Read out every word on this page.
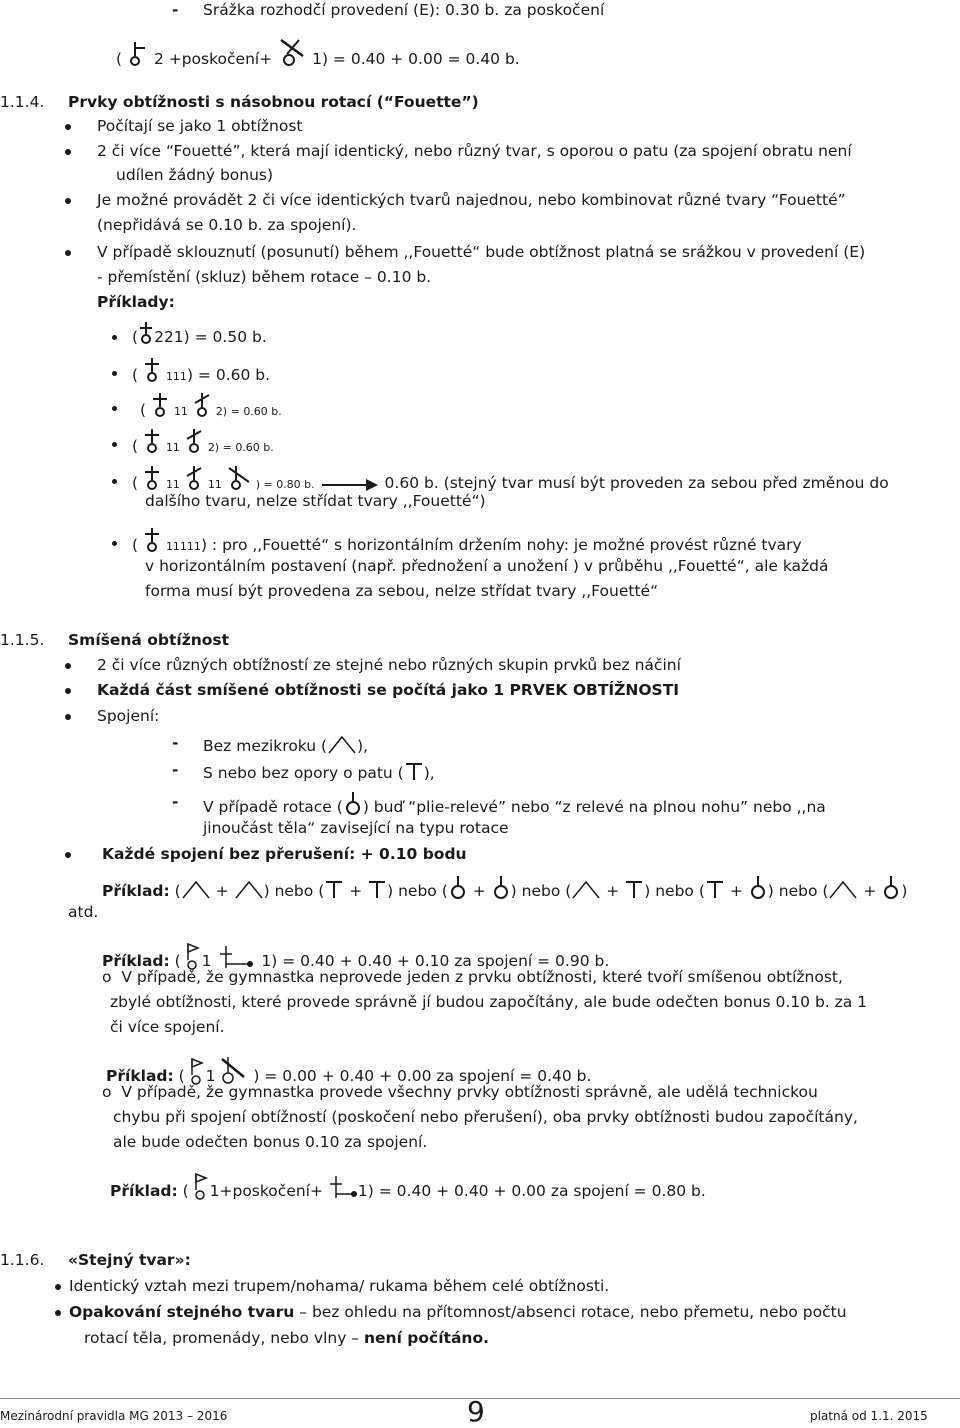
- Srážka rozhodčí provedení (E): 0.30 b. za poskočení
( 2 +poskočení+	1) = 0.40 + 0.00 = 0.40 b.
1.1.4. Prvky obtížnosti s násobnou rotací (“Fouette”)
Počítají se jako 1 obtížnost
2 či více “Fouetté”, která mají identický, nebo různý tvar, s oporou o patu (za spojení obratu není
udílen žádný bonus)
Je možné provádět 2 či více identických tvarů najednou, nebo kombinovat různé tvary “Fouetté”
(nepřidává se 0.10 b. za spojení).
V případě sklouznutí (posunutí) během ,,Fouetté“ bude obtížnost platná se srážkou v provedení (E)
- přemístění (skluz) během rotace – 0.10 b.
Příklady:
( 221) = 0.50 b.
(	111) = 0.60 b.
(	11	2) = 0.60 b.
(	11	2) = 0.60 b.
(	11	11	) = 0.80 b.	0.60 b. (stejný tvar musí být proveden za sebou před změnou do
dalšího tvaru, nelze střídat tvary ,,Fouetté“)
(	11111) : pro ,,Fouetté“ s horizontálním držením nohy: je možné provést různé tvary
v horizontálním postavení (např. přednožení a unožení ) v průběhu ,,Fouetté“, ale každá
forma musí být provedena za sebou, nelze střídat tvary ,,Fouetté“
1.1.5. Smíšená obtížnost
2 či více různých obtížností ze stejné nebo různých skupin prvků bez náčiní
Každá část smíšené obtížnosti se počítá jako 1 PRVEK OBTÍŽNOSTI
Spojení:
- Bez mezikroku ( ),
- S nebo bez opory o patu ( ),
- V případě rotace ( ) buď “plie-relevé” nebo “z relevé na plnou nohu” nebo ,,na
jinoučást těla“ zavisející na typu rotace
Každé spojení bez přerušení: + 0.10 bodu
Příklad: ( + ) nebo ( + ) nebo ( + ) nebo ( + ) nebo ( + ) nebo ( + )
atd.
Příklad: ( 1	1) = 0.40 + 0.40 + 0.10 za spojení = 0.90 b.
o V případě, že gymnastka neprovede jeden z prvku obtížnosti, které tvoří smíšenou obtížnost,
zbylé obtížnosti, které provede správně jí budou započítány, ale bude odečten bonus 0.10 b. za 1
či více spojení.
Příklad: ( 1 ) = 0.00 + 0.40 + 0.00 za spojení = 0.40 b.
o V případě, že gymnastka provede všechny prvky obtížnosti správně, ale udělá technickou
chybu při spojení obtížností (poskočení nebo přerušení), oba prvky obtížnosti budou započítány,
ale bude odečten bonus 0.10 za spojení.
Příklad: ( 1+poskočení+ 1) = 0.40 + 0.40 + 0.00 za spojení = 0.80 b.
1.1.6. «Stejný tvar»:
Identický vztah mezi trupem/nohama/ rukama během celé obtížnosti.
Opakování stejného tvaru – bez ohledu na přítomnost/absenci rotace, nebo přemetu, nebo počtu
rotací těla, promenády, nebo vlny – není počítáno.
Mezinárodní pravidla MG 2013 – 2016	9	platná od 1.1. 2015
